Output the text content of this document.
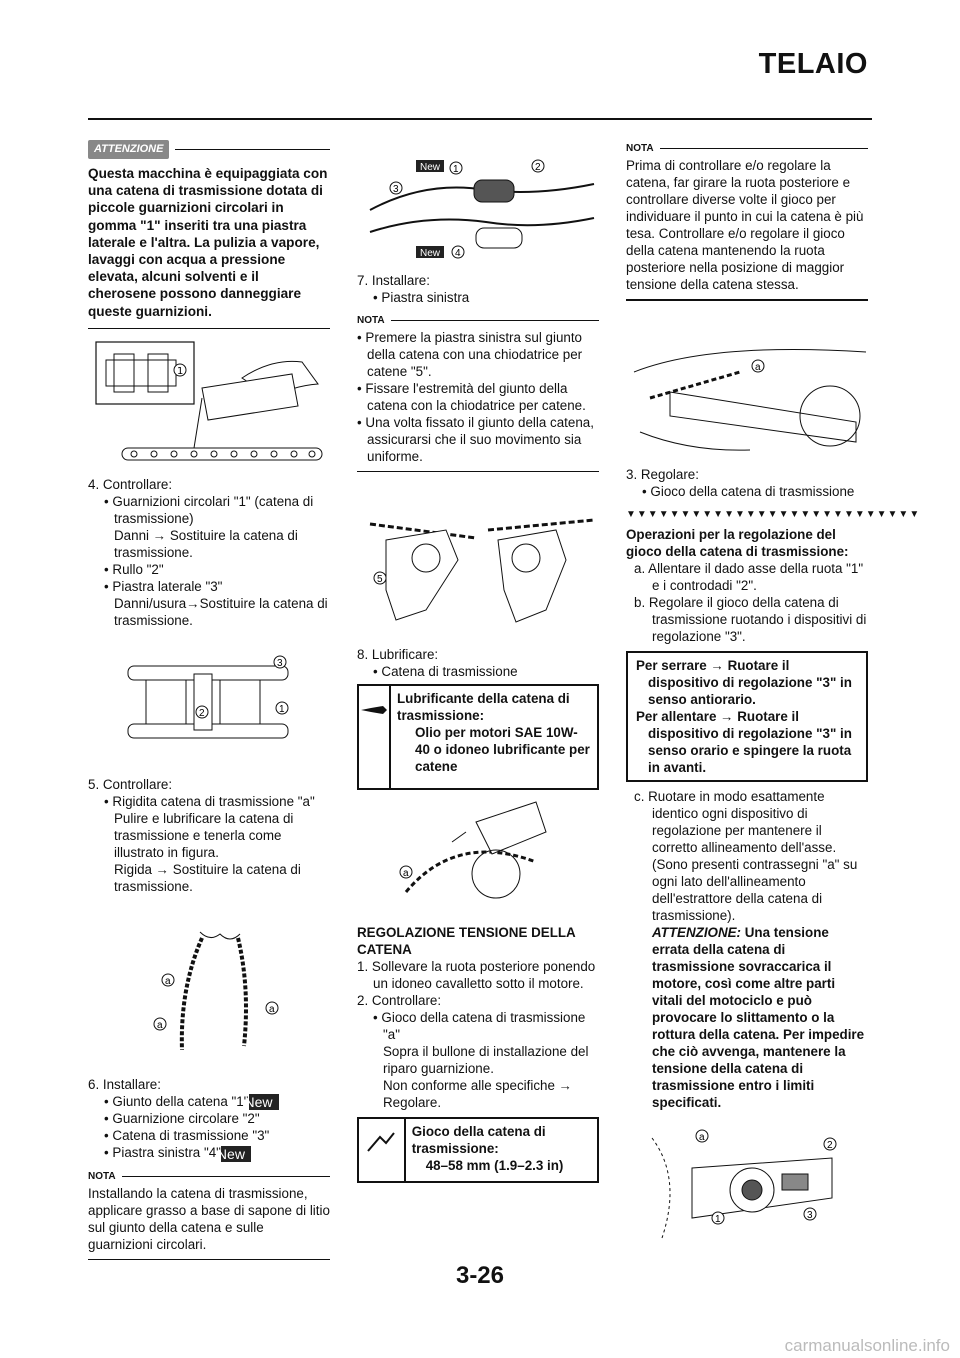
TELAIO
ATTENZIONE

Questa macchina è equipaggiata con una catena di trasmissione dotata di piccole guarnizioni circolari in gomma "1" inseriti tra una piastra laterale e l'altra. La pulizia a vapore, lavaggi con acqua a pressione elevata, alcuni solventi e il cherosene possono danneggiare queste guarnizioni.

1

4. Controllare:

• Guarnizioni circolari "1" (catena di trasmissione)

Danni → Sostituire la catena di trasmissione.

• Rullo "2"

• Piastra laterale "3"

Danni/usura→Sostituire la catena di trasmissione.

3
2	1

5. Controllare:

• Rigidita catena di trasmissione "a"

Pulire e lubrificare la catena di trasmissione e tenerla come illustrato in figura.

Rigida → Sostituire la catena di trasmissione.

a
a
a

6. Installare:

• Giunto della catena "1"New

• Guarnizione circolare "2"

• Catena di trasmissione "3"

• Piastra sinistra "4"New

NOTA

Installando la catena di trasmissione, applicare grasso a base di sapone di litio sul giunto della catena e sulle guarnizioni circolari.

New
New
1	2
3
4

7. Installare:

• Piastra sinistra

NOTA

• Premere la piastra sinistra sul giunto della catena con una chiodatrice per catene "5".

• Fissare l'estremità del giunto della catena con la chiodatrice per catene.

• Una volta fissato il giunto della catena, assicurarsi che il suo movimento sia uniforme.

5

8. Lubrificare:

• Catena di trasmissione

Lubrificante della catena di trasmissione:

Olio per motori SAE 10W-40 o idoneo lubrificante per catene

a

REGOLAZIONE TENSIONE DELLA CATENA

1. Sollevare la ruota posteriore ponendo un idoneo cavalletto sotto il motore.

2. Controllare:

• Gioco della catena di trasmissione "a"

Sopra il bullone di installazione del riparo guarnizione.

Non conforme alle specifiche → Regolare.

Gioco della catena di trasmissione:

48–58 mm (1.9–2.3 in)

NOTA

Prima di controllare e/o regolare la catena, far girare la ruota posteriore e controllare diverse volte il gioco per individuare il punto in cui la catena è più tesa. Controllare e/o regolare il gioco della catena mantenendo la ruota posteriore nella posizione di maggior tensione della catena stessa.

a

3. Regolare:

• Gioco della catena di trasmissione

▼▼▼▼▼▼▼▼▼▼▼▼▼▼▼▼▼▼▼▼▼▼▼▼▼▼▼

Operazioni per la regolazione del gioco della catena di trasmissione:

a. Allentare il dado asse della ruota "1" e i controdadi "2".

b. Regolare il gioco della catena di trasmissione ruotando i dispositivi di regolazione "3".

Per serrare → Ruotare il dispositivo di regolazione "3" in senso antiorario.

Per allentare → Ruotare il dispositivo di regolazione "3" in senso orario e spingere la ruota in avanti.

c. Ruotare in modo esattamente identico ogni dispositivo di regolazione per mantenere il corretto allineamento dell'asse. (Sono presenti contrassegni "a" su ogni lato dell'allineamento dell'estrattore della catena di trasmissione).

ATTENZIONE: Una tensione errata della catena di trasmissione sovraccarica il motore, così come altre parti vitali del motociclo e può provocare lo slittamento o la rottura della catena. Per impedire che ciò avvenga, mantenere la tensione della catena di trasmissione entro i limiti specificati.

a
2
1	3
3-26
carmanualsonline.info
